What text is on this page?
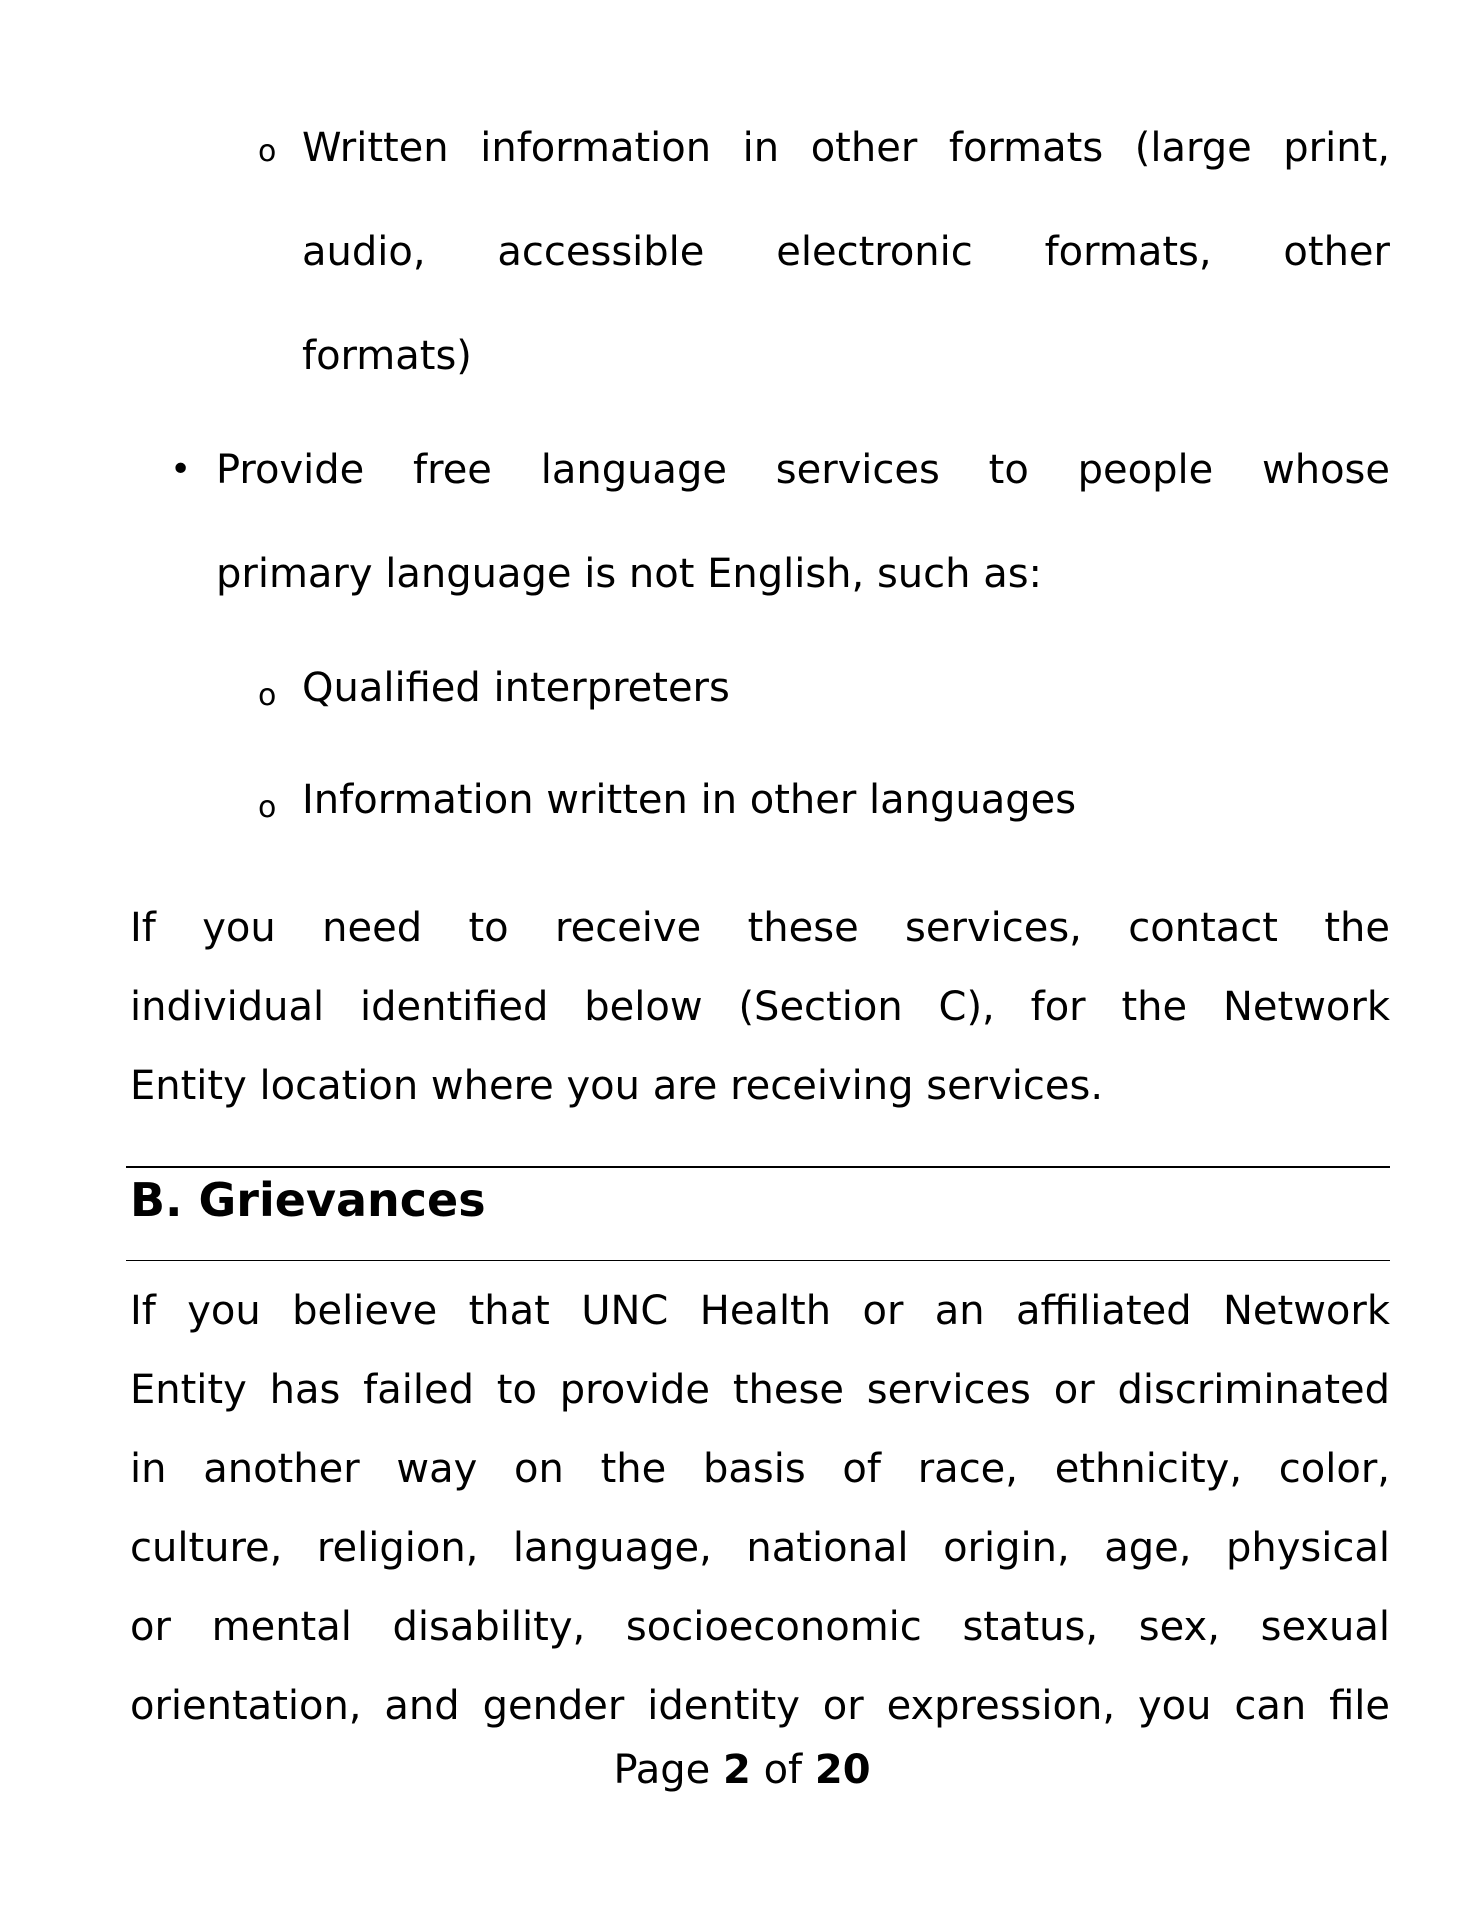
o Written information in other formats (large print,

audio, accessible electronic formats, other

formats)

• Provide free language services to people whose

primary language is not English, such as:

o Qualified interpreters

o Information written in other languages

If you need to receive these services, contact the

individual identified below (Section C), for the Network

Entity location where you are receiving services.

B. Grievances

If you believe that UNC Health or an affiliated Network

Entity has failed to provide these services or discriminated

in another way on the basis of race, ethnicity, color,

culture, religion, language, national origin, age, physical

or mental disability, socioeconomic status, sex, sexual

orientation, and gender identity or expression, you can file

Page 2 of 20
